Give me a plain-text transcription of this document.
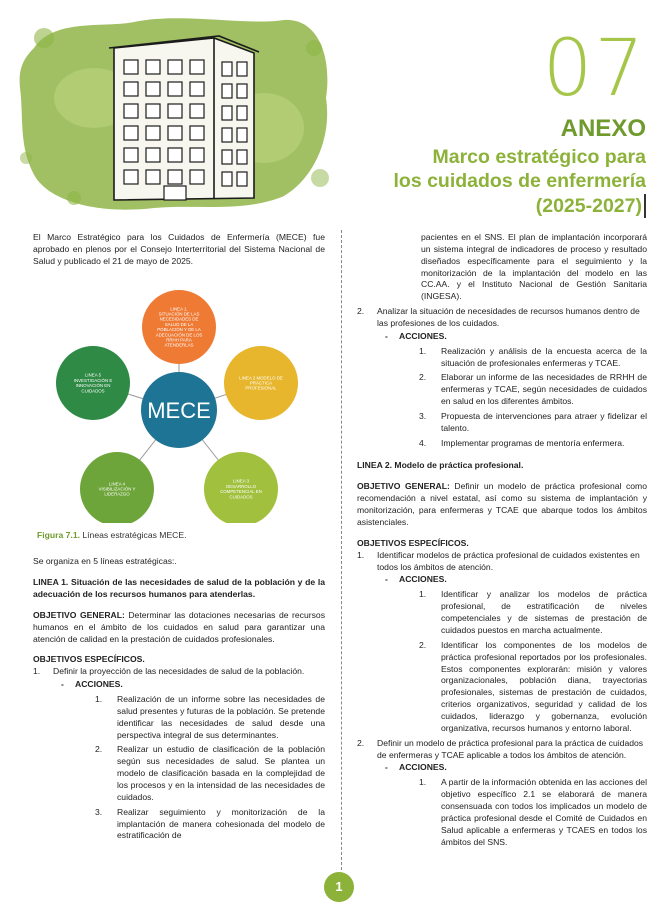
07
ANEXO
Marco estratégico para
los cuidados de enfermería
(2025-2027)

El Marco Estratégico para los Cuidados de Enfermería (MECE) fue aprobado en plenos por el Consejo Interterritorial del Sistema Nacional de Salud y publicado el 21 de mayo de 2025.

LINEA 1. SITUACIÓN DE LAS NECESIDADES DE SALUD DE LA POBLACIÓN Y DE LA ADECUACIÓN DE LOS RRHH PARA ATENDERLAS
LINEA 2 MODELO DE PRÁCTICA PROFESIONAL
LINEA 3 DESARROLLO COMPETENCIAL EN CUIDADOS
LINEA 4 VISIBILIZACIÓN Y LIDERAZGO
LINEA 5 INVESTIGACIÓN E INNOVACIÓN EN CUIDADOS
MECE
Figura 7.1. Líneas estratégicas MECE.

Se organiza en 5 líneas estratégicas:.

LINEA 1. Situación de las necesidades de salud de la población y de la adecuación de los recursos humanos para atenderlas.

OBJETIVO GENERAL: Determinar las dotaciones necesarias de recursos humanos en el ámbito de los cuidados en salud para garantizar una atención de calidad en la prestación de cuidados profesionales.

OBJETIVOS ESPECÍFICOS.
1. Definir la proyección de las necesidades de salud de la población.
- ACCIONES.
1. Realización de un informe sobre las necesidades de salud presentes y futuras de la población. Se pretende identificar las necesidades de salud desde una perspectiva integral de sus determinantes.
2. Realizar un estudio de clasificación de la población según sus necesidades de salud. Se plantea un modelo de clasificación basada en la complejidad de los procesos y en la intensidad de las necesidades de cuidados.
3. Realizar seguimiento y monitorización de la implantación de manera cohesionada del modelo de estratificación de
pacientes en el SNS. El plan de implantación incorporará un sistema integral de indicadores de proceso y resultado diseñados específicamente para el seguimiento y la monitorización de la implantación del modelo en las CC.AA. y el Instituto Nacional de Gestión Sanitaria (INGESA).
2. Analizar la situación de necesidades de recursos humanos dentro de las profesiones de los cuidados.
- ACCIONES.
1. Realización y análisis de la encuesta acerca de la situación de profesionales enfermeras y TCAE.
2. Elaborar un informe de las necesidades de RRHH de enfermeras y TCAE, según necesidades de cuidados en salud en los diferentes ámbitos.
3. Propuesta de intervenciones para atraer y fidelizar el talento.
4. Implementar programas de mentoría enfermera.
LINEA 2. Modelo de práctica profesional.

OBJETIVO GENERAL: Definir un modelo de práctica profesional como recomendación a nivel estatal, así como su sistema de implantación y monitorización, para enfermeras y TCAE que abarque todos los ámbitos asistenciales.

OBJETIVOS ESPECÍFICOS.
1. Identificar modelos de práctica profesional de cuidados existentes en todos los ámbitos de atención.
- ACCIONES.
1. Identificar y analizar los modelos de práctica profesional, de estratificación de niveles competenciales y de sistemas de prestación de cuidados puestos en marcha actualmente.
2. Identificar los componentes de los modelos de práctica profesional reportados por los profesionales. Estos componentes explorarán: misión y valores organizacionales, población diana, trayectorias profesionales, sistemas de prestación de cuidados, criterios organizativos, seguridad y calidad de los cuidados, liderazgo y gobernanza, evolución organizativa, recursos humanos y entorno laboral.
2. Definir un modelo de práctica profesional para la práctica de cuidados de enfermeras y TCAE aplicable a todos los ámbitos de atención.
- ACCIONES.
1. A partir de la información obtenida en las acciones del objetivo específico 2.1 se elaborará de manera consensuada con todos los implicados un modelo de práctica profesional desde el Comité de Cuidados en Salud aplicable a enfermeras y TCAES en todos los ámbitos del SNS.
1
